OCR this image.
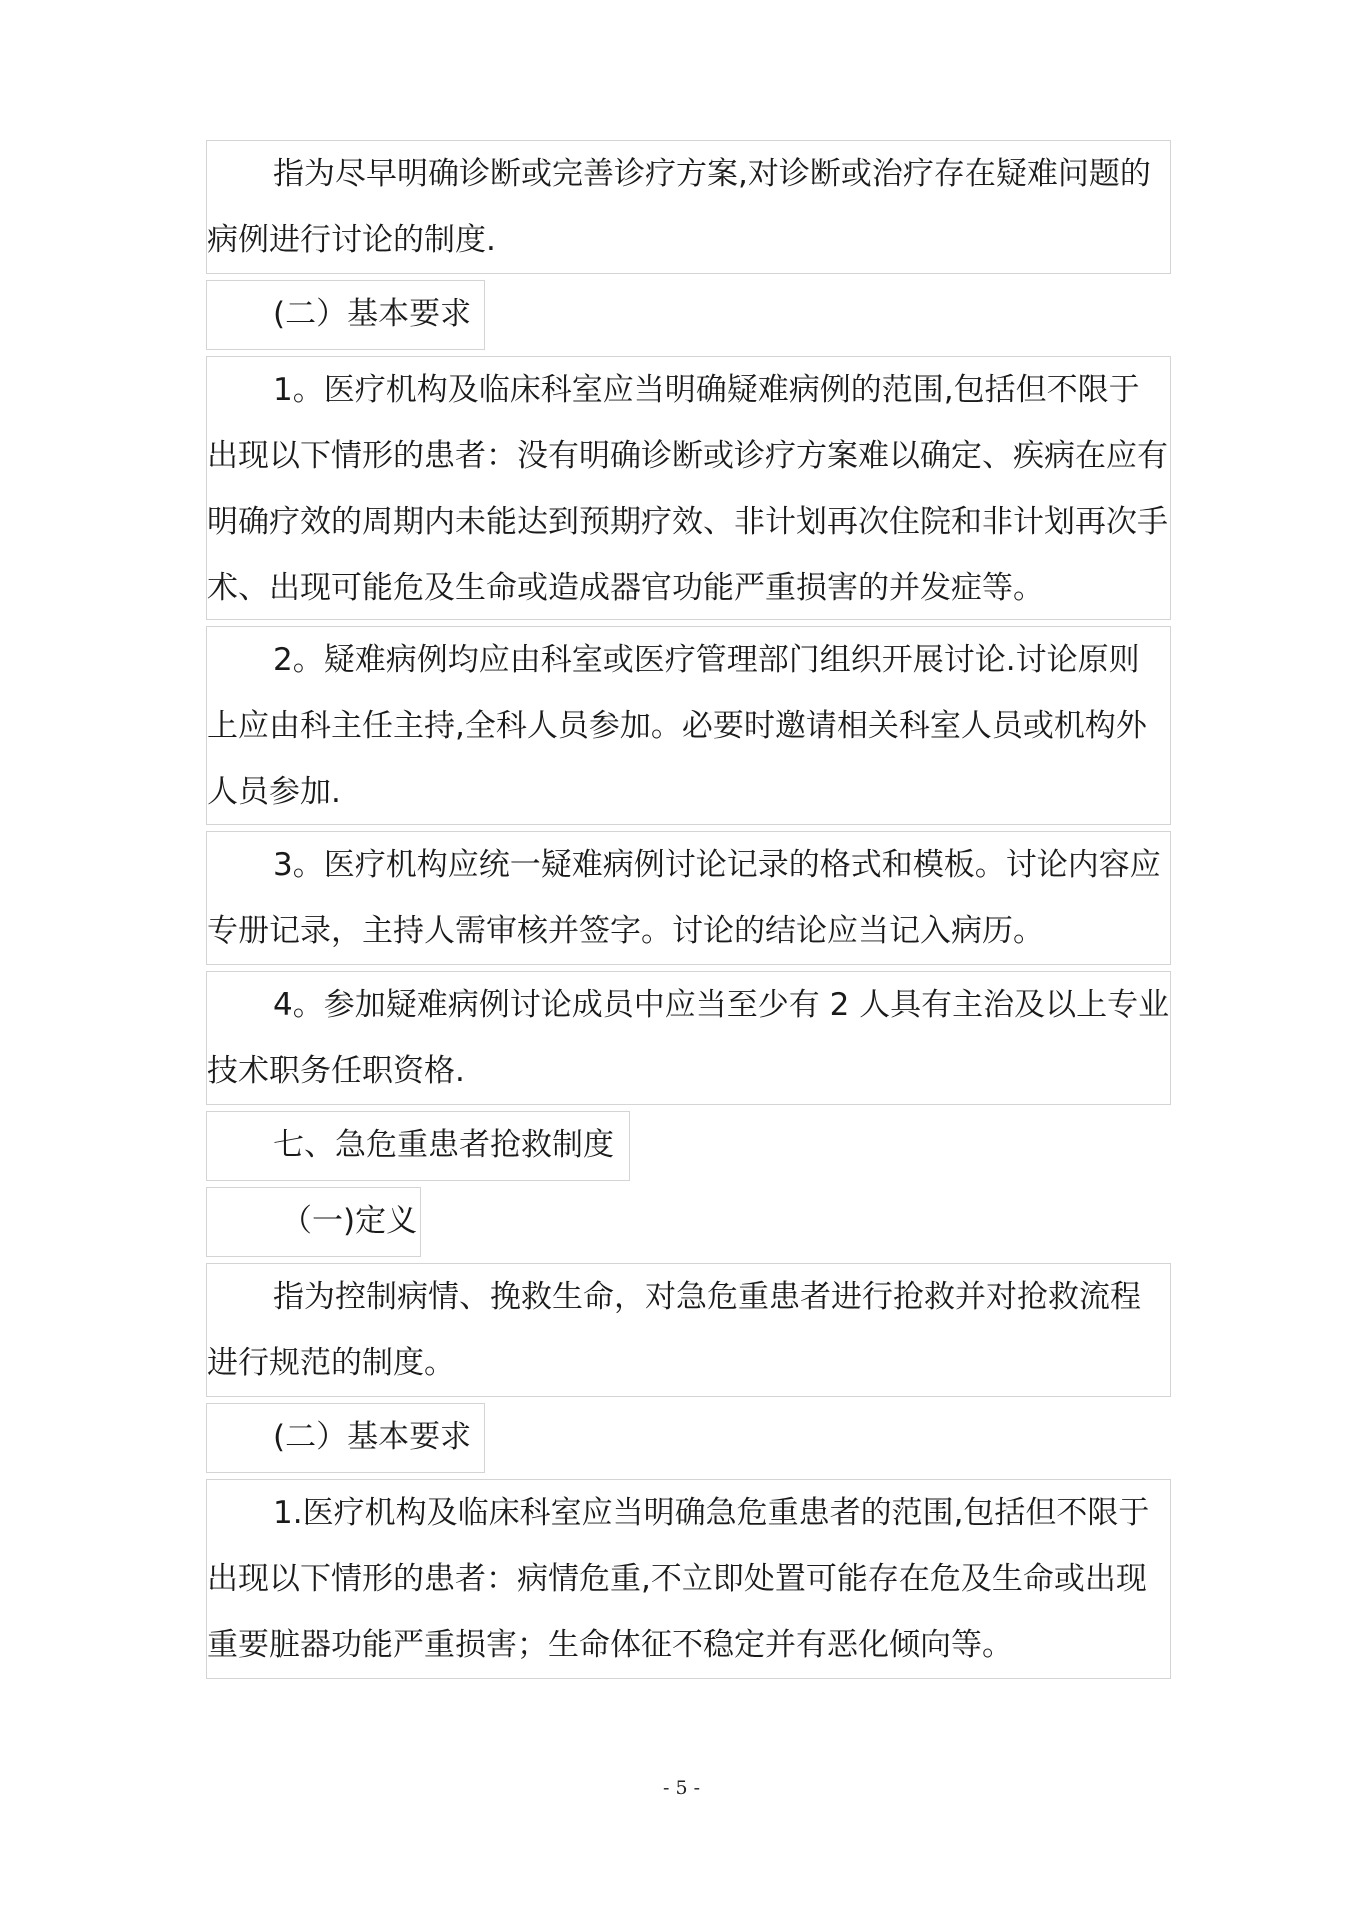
指为尽早明确诊断或完善诊疗方案,对诊断或治疗存在疑难问题的病例进行讨论的制度.

(二）基本要求

1。医疗机构及临床科室应当明确疑难病例的范围,包括但不限于出现以下情形的患者：没有明确诊断或诊疗方案难以确定、疾病在应有明确疗效的周期内未能达到预期疗效、非计划再次住院和非计划再次手术、出现可能危及生命或造成器官功能严重损害的并发症等。

2。疑难病例均应由科室或医疗管理部门组织开展讨论.讨论原则上应由科主任主持,全科人员参加。必要时邀请相关科室人员或机构外人员参加.

3。医疗机构应统一疑难病例讨论记录的格式和模板。讨论内容应专册记录，主持人需审核并签字。讨论的结论应当记入病历。

4。参加疑难病例讨论成员中应当至少有 2 人具有主治及以上专业技术职务任职资格.

七、急危重患者抢救制度
（一)定义

指为控制病情、挽救生命，对急危重患者进行抢救并对抢救流程进行规范的制度。

(二）基本要求

1.医疗机构及临床科室应当明确急危重患者的范围,包括但不限于出现以下情形的患者：病情危重,不立即处置可能存在危及生命或出现重要脏器功能严重损害；生命体征不稳定并有恶化倾向等。

- 5 -
